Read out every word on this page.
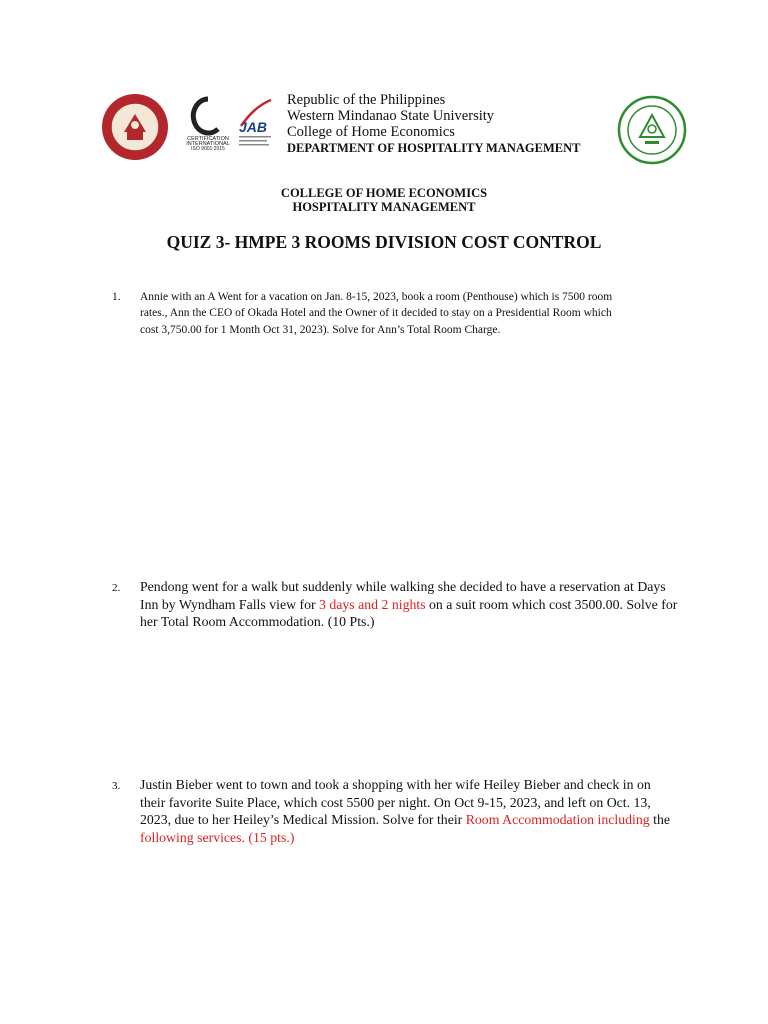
CERTIFICATION
INTERNATIONAL
ISO 9001:2015
JAB
Republic of the Philippines
Western Mindanao State University
College of Home Economics
DEPARTMENT OF HOSPITALITY MANAGEMENT
COLLEGE OF HOME ECONOMICS
HOSPITALITY MANAGEMENT
QUIZ 3- HMPE 3 ROOMS DIVISION COST CONTROL
1. Annie with an A Went for a vacation on Jan. 8-15, 2023, book a room (Penthouse) which is 7500 room
rates., Ann the CEO of Okada Hotel and the Owner of it decided to stay on a Presidential Room which
cost 3,750.00 for 1 Month Oct 31, 2023). Solve for Ann’s Total Room Charge.
2. Pendong went for a walk but suddenly while walking she decided to have a reservation at Days
Inn by Wyndham Falls view for 3 days and 2 nights on a suit room which cost 3500.00. Solve for
her Total Room Accommodation. (10 Pts.)
3. Justin Bieber went to town and took a shopping with her wife Heiley Bieber and check in on
their favorite Suite Place, which cost 5500 per night. On Oct 9-15, 2023, and left on Oct. 13,
2023, due to her Heiley’s Medical Mission. Solve for their Room Accommodation including the
following services. (15 pts.)
